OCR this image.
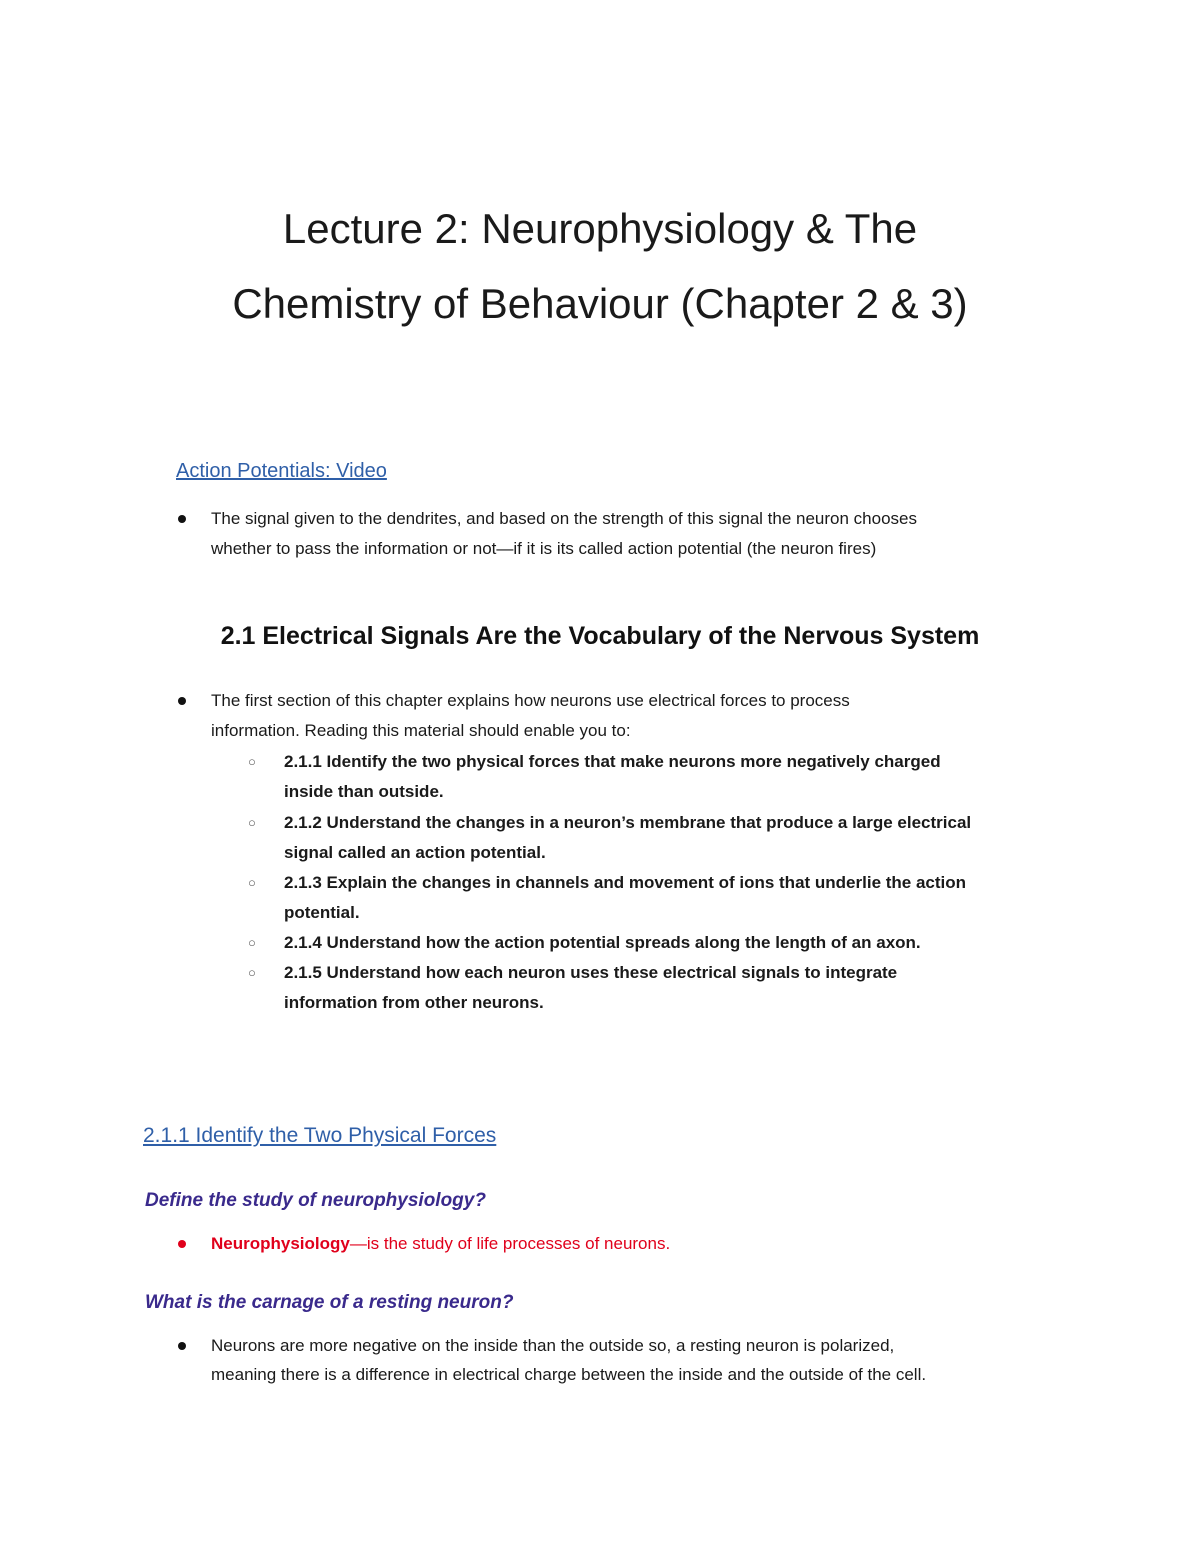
Lecture 2: Neurophysiology & The
Chemistry of Behaviour (Chapter 2 & 3)
Action Potentials: Video
The signal given to the dendrites, and based on the strength of this signal the neuron chooses
whether to pass the information or not—if it is its called action potential (the neuron fires)
2.1 Electrical Signals Are the Vocabulary of the Nervous System
The first section of this chapter explains how neurons use electrical forces to process
information. Reading this material should enable you to:
○ 2.1.1 Identify the two physical forces that make neurons more negatively charged
inside than outside.
○ 2.1.2 Understand the changes in a neuron’s membrane that produce a large electrical
signal called an action potential.
○ 2.1.3 Explain the changes in channels and movement of ions that underlie the action
potential.
○ 2.1.4 Understand how the action potential spreads along the length of an axon.
○ 2.1.5 Understand how each neuron uses these electrical signals to integrate
information from other neurons.
2.1.1 Identify the Two Physical Forces
Define the study of neurophysiology?
Neurophysiology—is the study of life processes of neurons.
What is the carnage of a resting neuron?
Neurons are more negative on the inside than the outside so, a resting neuron is polarized,
meaning there is a difference in electrical charge between the inside and the outside of the cell.
